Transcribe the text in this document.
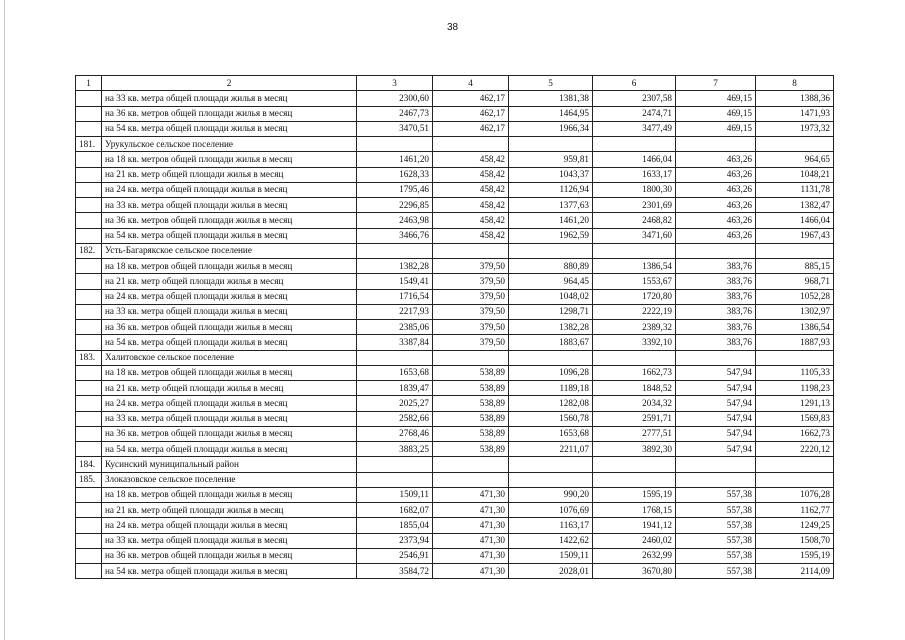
38
1	2	3	4	5	6	7	8
	на 33 кв. метра общей площади жилья в месяц	2300,60	462,17	1381,38	2307,58	469,15	1388,36
	на 36 кв. метров общей площади жилья в месяц	2467,73	462,17	1464,95	2474,71	469,15	1471,93
	на 54 кв. метра общей площади жилья в месяц	3470,51	462,17	1966,34	3477,49	469,15	1973,32
181.	Урукульское сельское поселение						
	на 18 кв. метров общей площади жилья в месяц	1461,20	458,42	959,81	1466,04	463,26	964,65
	на 21 кв. метр общей площади жилья в месяц	1628,33	458,42	1043,37	1633,17	463,26	1048,21
	на 24 кв. метра общей площади жилья в месяц	1795,46	458,42	1126,94	1800,30	463,26	1131,78
	на 33 кв. метра общей площади жилья в месяц	2296,85	458,42	1377,63	2301,69	463,26	1382,47
	на 36 кв. метров общей площади жилья в месяц	2463,98	458,42	1461,20	2468,82	463,26	1466,04
	на 54 кв. метра общей площади жилья в месяц	3466,76	458,42	1962,59	3471,60	463,26	1967,43
182.	Усть-Багарякское сельское поселение						
	на 18 кв. метров общей площади жилья в месяц	1382,28	379,50	880,89	1386,54	383,76	885,15
	на 21 кв. метр общей площади жилья в месяц	1549,41	379,50	964,45	1553,67	383,76	968,71
	на 24 кв. метра общей площади жилья в месяц	1716,54	379,50	1048,02	1720,80	383,76	1052,28
	на 33 кв. метра общей площади жилья в месяц	2217,93	379,50	1298,71	2222,19	383,76	1302,97
	на 36 кв. метров общей площади жилья в месяц	2385,06	379,50	1382,28	2389,32	383,76	1386,54
	на 54 кв. метра общей площади жилья в месяц	3387,84	379,50	1883,67	3392,10	383,76	1887,93
183.	Халитовское сельское поселение						
	на 18 кв. метров общей площади жилья в месяц	1653,68	538,89	1096,28	1662,73	547,94	1105,33
	на 21 кв. метр общей площади жилья в месяц	1839,47	538,89	1189,18	1848,52	547,94	1198,23
	на 24 кв. метра общей площади жилья в месяц	2025,27	538,89	1282,08	2034,32	547,94	1291,13
	на 33 кв. метра общей площади жилья в месяц	2582,66	538,89	1560,78	2591,71	547,94	1569,83
	на 36 кв. метров общей площади жилья в месяц	2768,46	538,89	1653,68	2777,51	547,94	1662,73
	на 54 кв. метра общей площади жилья в месяц	3883,25	538,89	2211,07	3892,30	547,94	2220,12
184.	Кусинский муниципальный район						
185.	Злоказовское сельское поселение						
	на 18 кв. метров общей площади жилья в месяц	1509,11	471,30	990,20	1595,19	557,38	1076,28
	на 21 кв. метр общей площади жилья в месяц	1682,07	471,30	1076,69	1768,15	557,38	1162,77
	на 24 кв. метра общей площади жилья в месяц	1855,04	471,30	1163,17	1941,12	557,38	1249,25
	на 33 кв. метра общей площади жилья в месяц	2373,94	471,30	1422,62	2460,02	557,38	1508,70
	на 36 кв. метров общей площади жилья в месяц	2546,91	471,30	1509,11	2632,99	557,38	1595,19
	на 54 кв. метра общей площади жилья в месяц	3584,72	471,30	2028,01	3670,80	557,38	2114,09
